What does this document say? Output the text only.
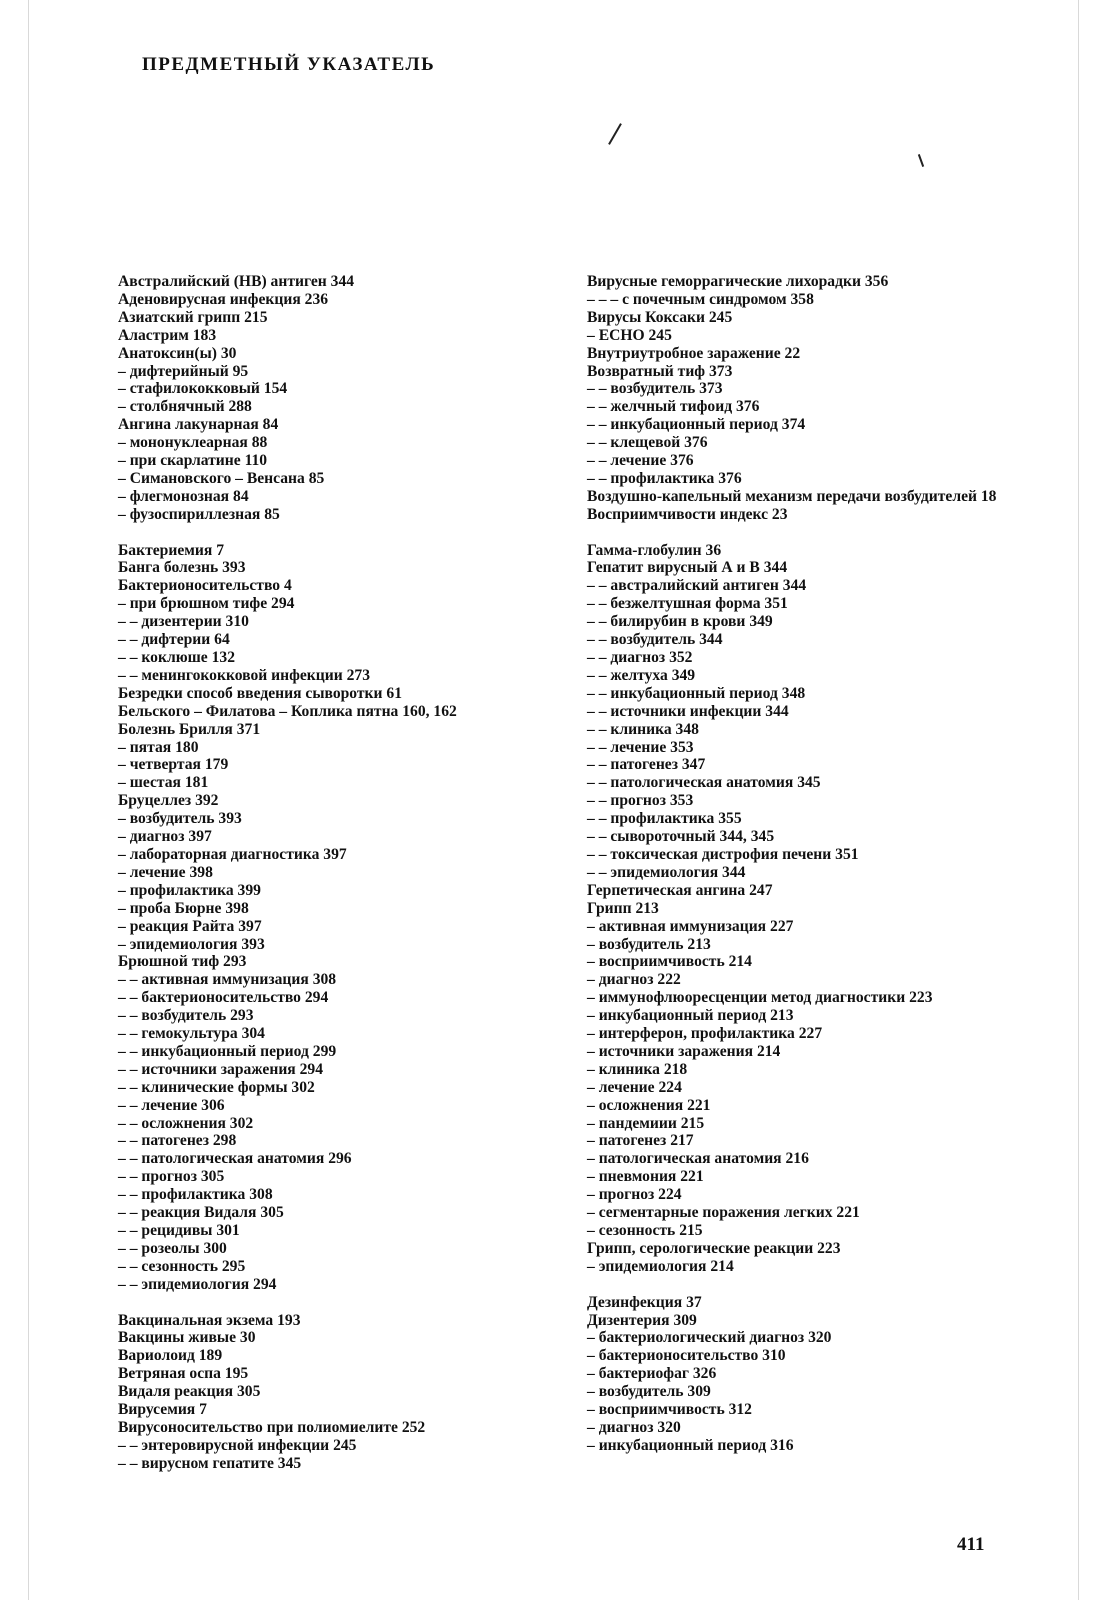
ПРЕДМЕТНЫЙ УКАЗАТЕЛЬ
Австралийский (HB) антиген 344
Аденовирусная инфекция 236
Азиатский грипп 215
Аластрим 183
Анатоксин(ы) 30
– дифтерийный 95
– стафилококковый 154
– столбнячный 288
Ангина лакунарная 84
– мононуклеарная 88
– при скарлатине 110
– Симановского – Венсана 85
– флегмонозная 84
– фузоспириллезная 85
Бактериемия 7
Банга болезнь 393
Бактерионосительство 4
– при брюшном тифе 294
– – дизентерии 310
– – дифтерии 64
– – коклюше 132
– – менингококковой инфекции 273
Безредки способ введения сыворотки 61
Бельского – Филатова – Коплика пятна 160, 162
Болезнь Брилля 371
– пятая 180
– четвертая 179
– шестая 181
Бруцеллез 392
– возбудитель 393
– диагноз 397
– лабораторная диагностика 397
– лечение 398
– профилактика 399
– проба Бюрне 398
– реакция Райта 397
– эпидемиология 393
Брюшной тиф 293
– – активная иммунизация 308
– – бактерионосительство 294
– – возбудитель 293
– – гемокультура 304
– – инкубационный период 299
– – источники заражения 294
– – клинические формы 302
– – лечение 306
– – осложнения 302
– – патогенез 298
– – патологическая анатомия 296
– – прогноз 305
– – профилактика 308
– – реакция Видаля 305
– – рецидивы 301
– – розеолы 300
– – сезонность 295
– – эпидемиология 294
Вакцинальная экзема 193
Вакцины живые 30
Вариолоид 189
Ветряная оспа 195
Видаля реакция 305
Вирусемия 7
Вирусоносительство при полиомиелите 252
– – энтеровирусной инфекции 245
– – вирусном гепатите 345
Вирусные геморрагические лихорадки 356
– – – с почечным синдромом 358
Вирусы Коксаки 245
– ECHO 245
Внутриутробное заражение 22
Возвратный тиф 373
– – возбудитель 373
– – желчный тифоид 376
– – инкубационный период 374
– – клещевой 376
– – лечение 376
– – профилактика 376
Воздушно-капельный механизм передачи возбудителей 18
Восприимчивости индекс 23
Гамма-глобулин 36
Гепатит вирусный А и В 344
– – австралийский антиген 344
– – безжелтушная форма 351
– – билирубин в крови 349
– – возбудитель 344
– – диагноз 352
– – желтуха 349
– – инкубационный период 348
– – источники инфекции 344
– – клиника 348
– – лечение 353
– – патогенез 347
– – патологическая анатомия 345
– – прогноз 353
– – профилактика 355
– – сывороточный 344, 345
– – токсическая дистрофия печени 351
– – эпидемиология 344
Герпетическая ангина 247
Грипп 213
– активная иммунизация 227
– возбудитель 213
– восприимчивость 214
– диагноз 222
– иммунофлюоресценции метод диагностики 223
– инкубационный период 213
– интерферон, профилактика 227
– источники заражения 214
– клиника 218
– лечение 224
– осложнения 221
– пандемиии 215
– патогенез 217
– патологическая анатомия 216
– пневмония 221
– прогноз 224
– сегментарные поражения легких 221
– сезонность 215
Грипп, серологические реакции 223
– эпидемиология 214
Дезинфекция 37
Дизентерия 309
– бактериологический диагноз 320
– бактерионосительство 310
– бактериофаг 326
– возбудитель 309
– восприимчивость 312
– диагноз 320
– инкубационный период 316
411
